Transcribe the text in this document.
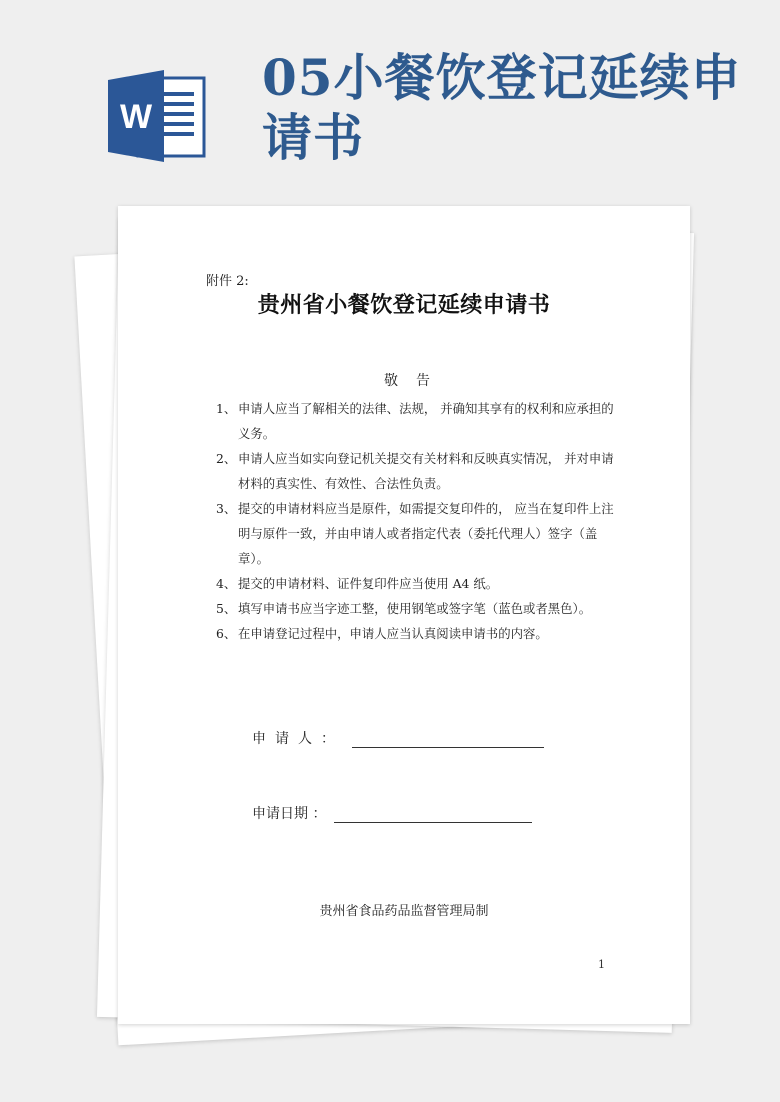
W
05小餐饮登记延续申请书
附件 2:
贵州省小餐饮登记延续申请书
敬告
1、 申请人应当了解相关的法律、法规， 并确知其享有的权利和应承担的义务。
2、 申请人应当如实向登记机关提交有关材料和反映真实情况， 并对申请材料的真实性、有效性、合法性负责。
3、 提交的申请材料应当是原件，如需提交复印件的， 应当在复印件上注明与原件一致，并由申请人或者指定代表（委托代理人）签字（盖章）。
4、 提交的申请材料、证件复印件应当使用 A4 纸。
5、 填写申请书应当字迹工整，使用钢笔或签字笔（蓝色或者黑色）。
6、 在申请登记过程中，申请人应当认真阅读申请书的内容。
申请人：
申请日期 ：
贵州省食品药品监督管理局制
1
